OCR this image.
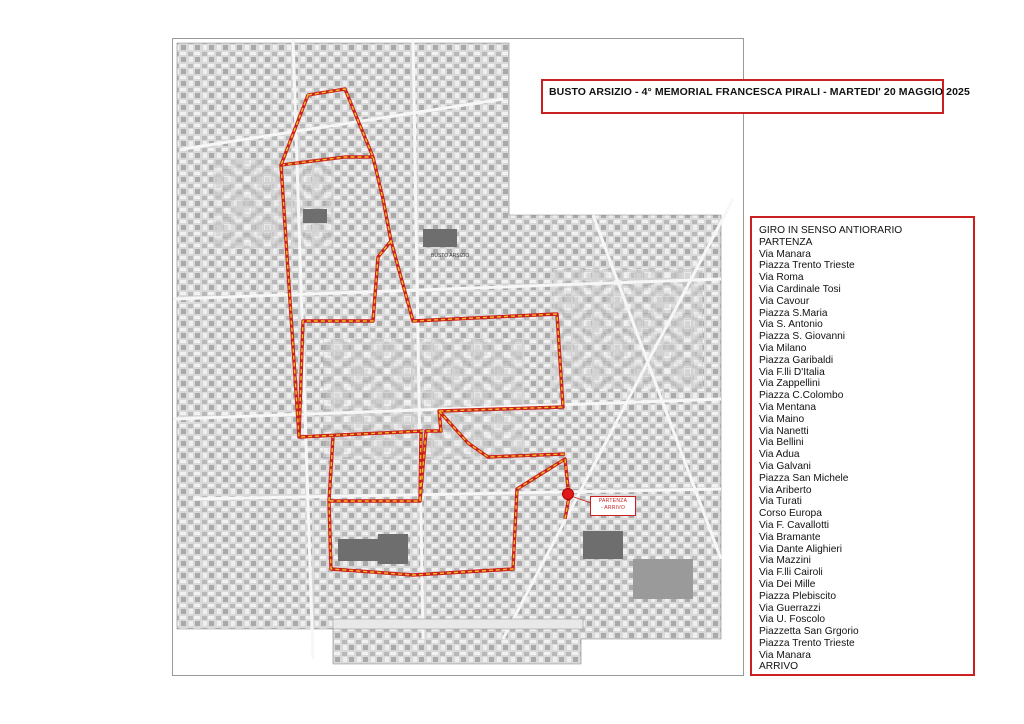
BUSTO ARSIZIO
PARTENZA
- ARRIVO
BUSTO ARSIZIO - 4° MEMORIAL FRANCESCA PIRALI - MARTEDI' 20 MAGGIO 2025
GIRO IN SENSO ANTIORARIO
PARTENZA
Via Manara
Piazza Trento Trieste
Via Roma
Via Cardinale Tosi
Via Cavour
Piazza S.Maria
Via S. Antonio
Piazza S. Giovanni
Via Milano
Piazza Garibaldi
Via F.lli D'Italia
Via Zappellini
Piazza C.Colombo
Via Mentana
Via Maino
Via Nanetti
Via Bellini
Via Adua
Via Galvani
Piazza San Michele
Via Ariberto
Via Turati
Corso Europa
Via F. Cavallotti
Via Bramante
Via Dante Alighieri
Via Mazzini
Via F.lli Cairoli
Via Dei Mille
Piazza Plebiscito
Via Guerrazzi
Via U. Foscolo
Piazzetta San Grgorio
Piazza Trento Trieste
Via Manara
ARRIVO
